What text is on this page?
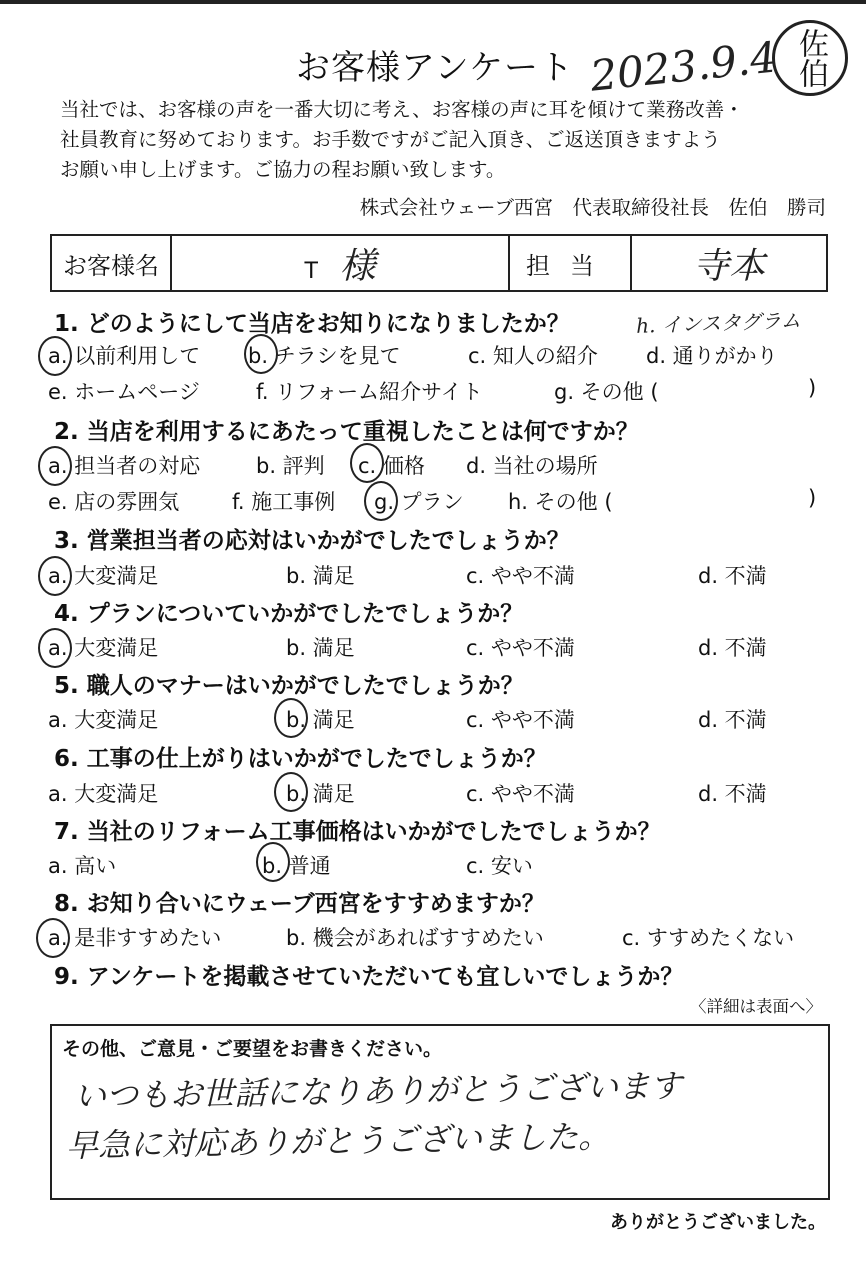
お客様アンケート 2023.9.4 佐伯
当社では、お客様の声を一番大切に考え、お客様の声に耳を傾けて業務改善・
社員教育に努めております。お手数ですがご記入頂き、ご返送頂きますよう
お願い申し上げます。ご協力の程お願い致します。
株式会社ウェーブ西宮　代表取締役社長　佐伯　勝司
お客様名	T 様	担当	寺本
1. どのようにして当店をお知りになりましたか？	h. インスタグラム
a. 以前利用して b. チラシを見て	c. 知人の紹介 d. 通りがかり
e. ホームページ	f. リフォーム紹介サイト	g. その他 (	)
2. 当店を利用するにあたって重視したことは何ですか？
a. 担当者の対応	b. 評判 c. 価格 d. 当社の場所
e. 店の雰囲気	f. 施工事例 g. プラン h. その他 (	)
3. 営業担当者の応対はいかがでしたでしょうか？
a. 大変満足	b. 満足	c. やや不満	d. 不満
4. プランについていかがでしたでしょうか？
a. 大変満足	b. 満足	c. やや不満	d. 不満
5. 職人のマナーはいかがでしたでしょうか？
a. 大変満足	b. 満足	c. やや不満	d. 不満
6. 工事の仕上がりはいかがでしたでしょうか？
a. 大変満足	b. 満足	c. やや不満	d. 不満
7. 当社のリフォーム工事価格はいかがでしたでしょうか？
a. 高い	b. 普通	c. 安い
8. お知り合いにウェーブ西宮をすすめますか？
a. 是非すすめたい	b. 機会があればすすめたい	c. すすめたくない
9. アンケートを掲載させていただいても宜しいでしょうか？
〈詳細は表面へ〉
その他、ご意見・ご要望をお書きください。
いつもお世話になりありがとうございます
早急に対応ありがとうございました。
ありがとうございました。
